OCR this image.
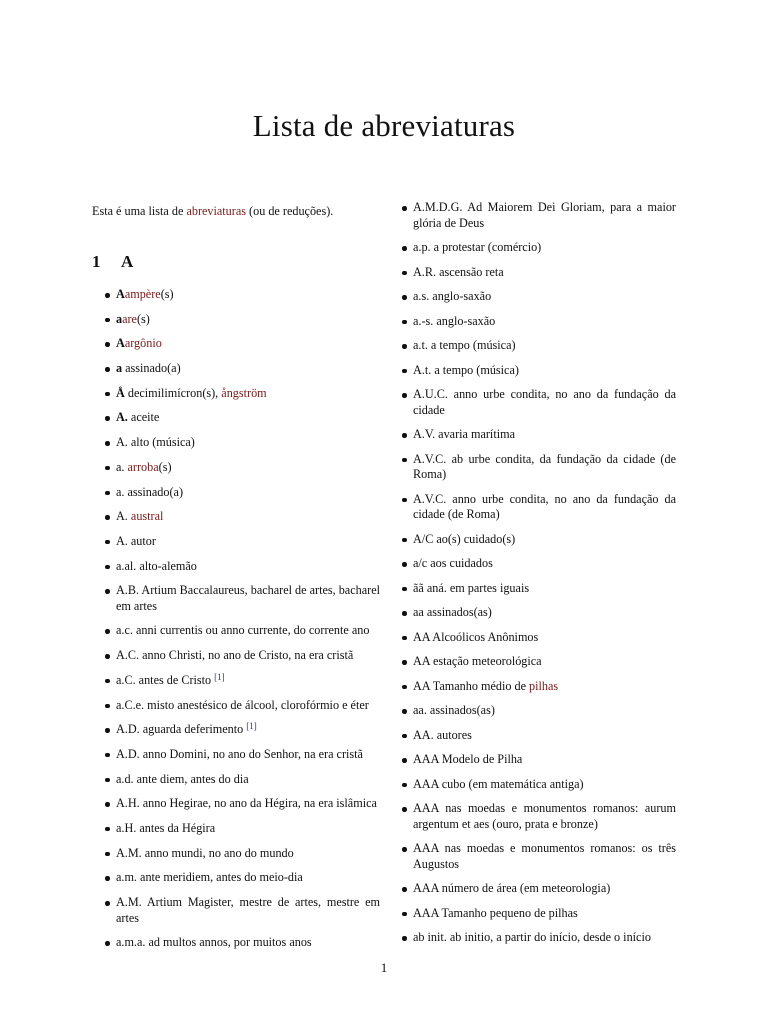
Lista de abreviaturas

Esta é uma lista de abreviaturas (ou de reduções).

1 A
Aampère(s)
aare(s)
Aargônio
a assinado(a)
Å decimilimícron(s), ångström
A. aceite
A. alto (música)
a. arroba(s)
a. assinado(a)
A. austral
A. autor
a.al. alto-alemão
A.B. Artium Baccalaureus, bacharel de artes, bacharel em artes
a.c. anni currentis ou anno currente, do corrente ano
A.C. anno Christi, no ano de Cristo, na era cristã
a.C. antes de Cristo [1]
a.C.e. misto anestésico de álcool, clorofórmio e éter
A.D. aguarda deferimento [1]
A.D. anno Domini, no ano do Senhor, na era cristã
a.d. ante diem, antes do dia
A.H. anno Hegirae, no ano da Hégira, na era islâmica
a.H. antes da Hégira
A.M. anno mundi, no ano do mundo
a.m. ante meridiem, antes do meio-dia
A.M. Artium Magister, mestre de artes, mestre em artes
a.m.a. ad multos annos, por muitos anos
A.M.D.G. Ad Maiorem Dei Gloriam, para a maior glória de Deus
a.p. a protestar (comércio)
A.R. ascensão reta
a.s. anglo-saxão
a.-s. anglo-saxão
a.t. a tempo (música)
A.t. a tempo (música)
A.U.C. anno urbe condita, no ano da fundação da cidade
A.V. avaria marítima
A.V.C. ab urbe condita, da fundação da cidade (de Roma)
A.V.C. anno urbe condita, no ano da fundação da cidade (de Roma)
A/C ao(s) cuidado(s)
a/c aos cuidados
ãã aná. em partes iguais
aa assinados(as)
AA Alcoólicos Anônimos
AA estação meteorológica
AA Tamanho médio de pilhas
aa. assinados(as)
AA. autores
AAA Modelo de Pilha
AAA cubo (em matemática antiga)
AAA nas moedas e monumentos romanos: aurum argentum et aes (ouro, prata e bronze)
AAA nas moedas e monumentos romanos: os três Augustos
AAA número de área (em meteorologia)
AAA Tamanho pequeno de pilhas
ab init. ab initio, a partir do início, desde o início
1
